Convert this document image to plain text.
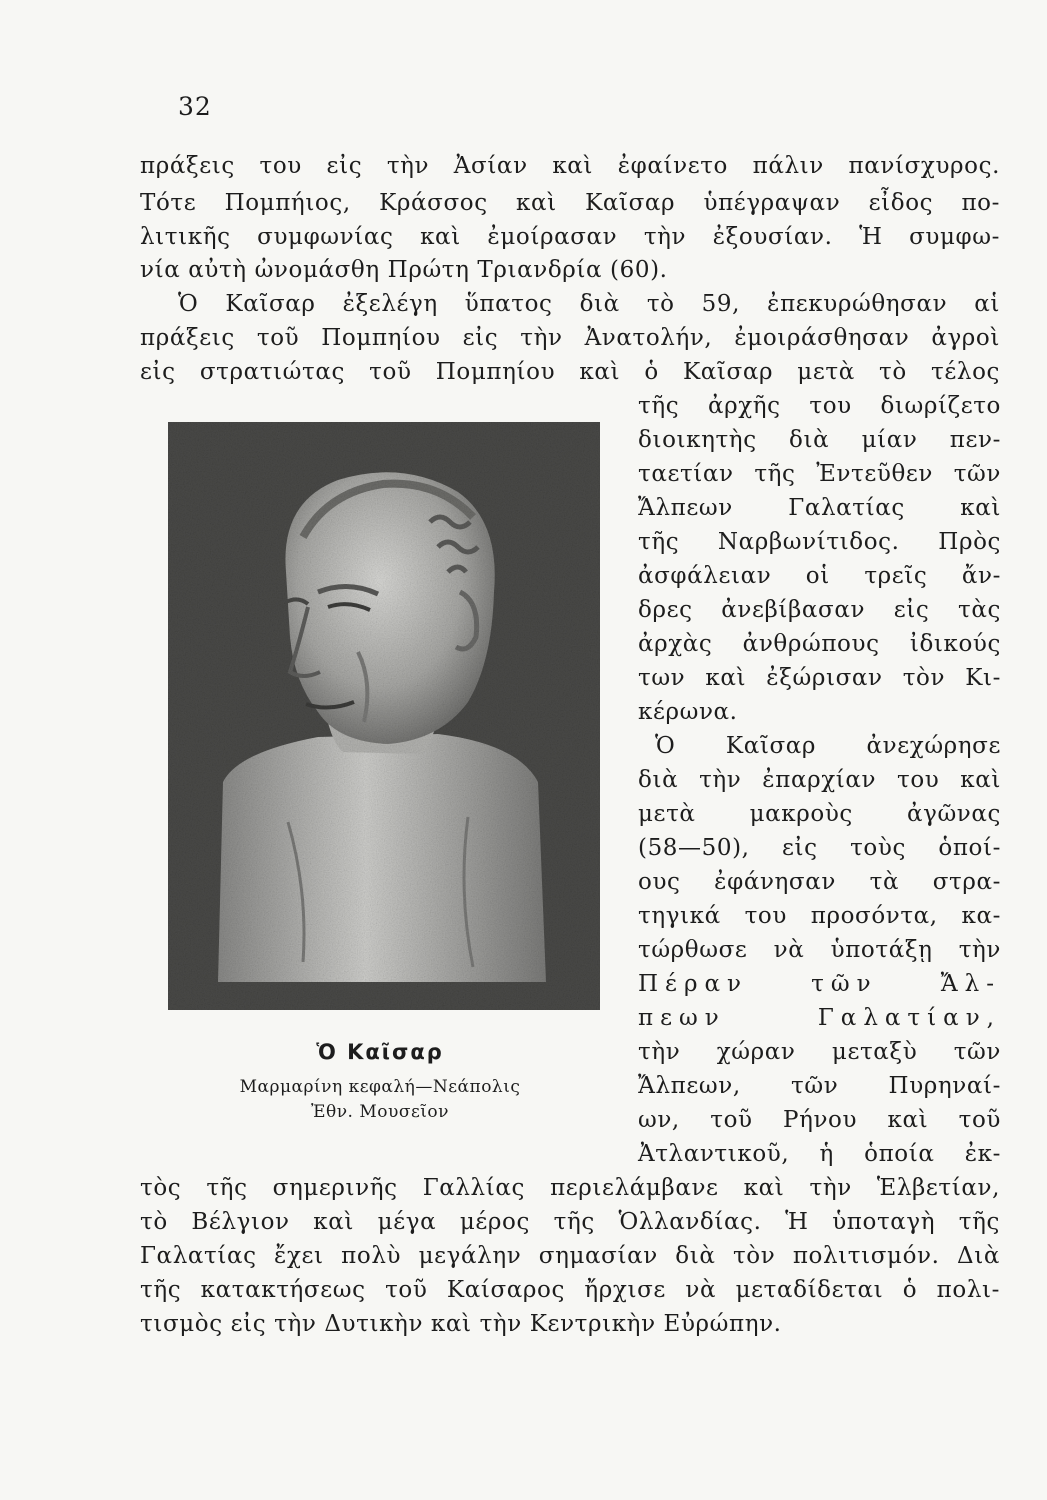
32
πράξεις του εἰς τὴν Ἀσίαν καὶ ἐφαίνετο πάλιν πανίσχυρος.
Τότε Πομπήιος, Κράσσος καὶ Καῖσαρ ὑπέγραψαν εἶδος πο-
λιτικῆς συμφωνίας καὶ ἐμοίρασαν τὴν ἐξουσίαν. Ἡ συμφω-
νία αὐτὴ ὠνομάσθη Πρώτη Τριανδρία (60).
Ὁ Καῖσαρ ἐξελέγη ὕπατος διὰ τὸ 59, ἐπεκυρώθησαν αἱ
πράξεις τοῦ Πομπηίου εἰς τὴν Ἀνατολήν, ἐμοιράσθησαν ἀγροὶ
εἰς στρατιώτας τοῦ Πομπηίου καὶ ὁ Καῖσαρ μετὰ τὸ τέλος
τῆς ἀρχῆς του διωρίζετο
διοικητὴς διὰ μίαν πεν-
ταετίαν τῆς Ἐντεῦθεν τῶν
Ἄλπεων Γαλατίας καὶ
τῆς Ναρβωνίτιδος. Πρὸς
ἀσφάλειαν οἱ τρεῖς ἄν-
δρες ἀνεβίβασαν εἰς τὰς
ἀρχὰς ἀνθρώπους ἰδικούς
των καὶ ἐξώρισαν τὸν Κι-
κέρωνα.
Ὁ Καῖσαρ ἀνεχώρησε
διὰ τὴν ἐπαρχίαν του καὶ
μετὰ μακροὺς ἀγῶνας
(58—50), εἰς τοὺς ὁποί-
ους ἐφάνησαν τὰ στρα-
τηγικά του προσόντα, κα-
τώρθωσε νὰ ὑποτάξῃ τὴν
Πέραν τῶν Ἄλ-
πεων Γαλατίαν,
τὴν χώραν μεταξὺ τῶν
Ἄλπεων, τῶν Πυρηναί-
ων, τοῦ Ρήνου καὶ τοῦ
Ἀτλαντικοῦ, ἡ ὁποία ἐκ-
Ὁ Καῖσαρ
Μαρμαρίνη κεφαλή—Νεάπολις
Ἐθν. Μουσεῖον
τὸς τῆς σημερινῆς Γαλλίας περιελάμβανε καὶ τὴν Ἑλβετίαν,
τὸ Βέλγιον καὶ μέγα μέρος τῆς Ὁλλανδίας. Ἡ ὑποταγὴ τῆς
Γαλατίας ἔχει πολὺ μεγάλην σημασίαν διὰ τὸν πολιτισμόν. Διὰ
τῆς κατακτήσεως τοῦ Καίσαρος ἤρχισε νὰ μεταδίδεται ὁ πολι-
τισμὸς εἰς τὴν Δυτικὴν καὶ τὴν Κεντρικὴν Εὐρώπην.
